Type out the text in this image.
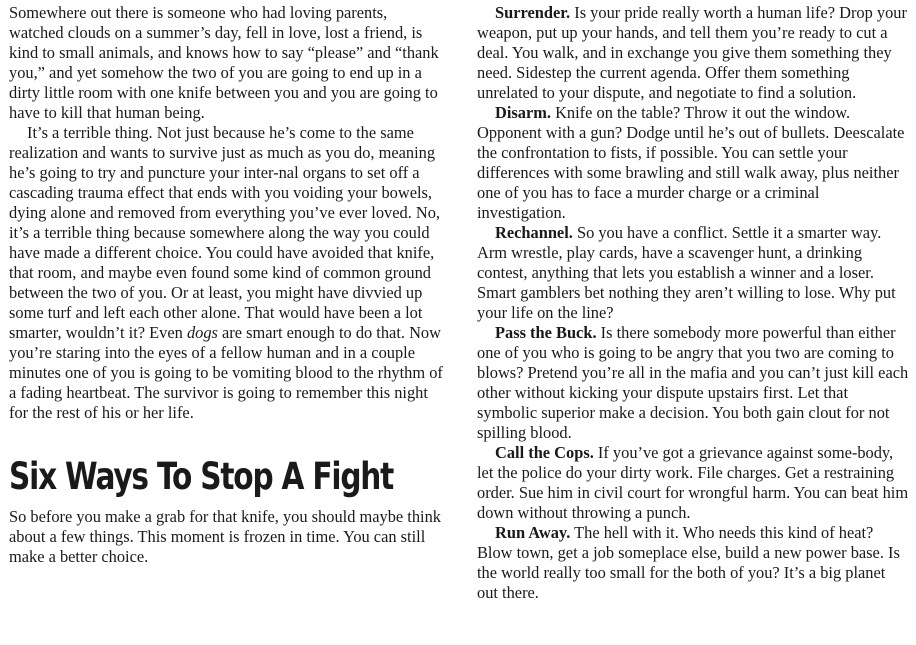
Somewhere out there is someone who had loving parents, watched clouds on a summer’s day, fell in love, lost a friend, is kind to small animals, and knows how to say “please” and “thank you,” and yet somehow the two of you are going to end up in a dirty little room with one knife between you and you are going to have to kill that human being.

It’s a terrible thing. Not just because he’s come to the same realization and wants to survive just as much as you do, meaning he’s going to try and puncture your inter-nal organs to set off a cascading trauma effect that ends with you voiding your bowels, dying alone and removed from everything you’ve ever loved. No, it’s a terrible thing because somewhere along the way you could have made a different choice. You could have avoided that knife, that room, and maybe even found some kind of common ground between the two of you. Or at least, you might have divvied up some turf and left each other alone. That would have been a lot smarter, wouldn’t it? Even dogs are smart enough to do that. Now you’re staring into the eyes of a fellow human and in a couple minutes one of you is going to be vomiting blood to the rhythm of a fading heartbeat. The survivor is going to remember this night for the rest of his or her life.

Six Ways To Stop A Fight

So before you make a grab for that knife, you should maybe think about a few things. This moment is frozen in time. You can still make a better choice.

Surrender. Is your pride really worth a human life? Drop your weapon, put up your hands, and tell them you’re ready to cut a deal. You walk, and in exchange you give them something they need. Sidestep the current agenda. Offer them something unrelated to your dispute, and negotiate to find a solution.

Disarm. Knife on the table? Throw it out the window. Opponent with a gun? Dodge until he’s out of bullets. Deescalate the confrontation to fists, if possible. You can settle your differences with some brawling and still walk away, plus neither one of you has to face a murder charge or a criminal investigation.

Rechannel. So you have a conflict. Settle it a smarter way. Arm wrestle, play cards, have a scavenger hunt, a drinking contest, anything that lets you establish a winner and a loser. Smart gamblers bet nothing they aren’t willing to lose. Why put your life on the line?

Pass the Buck. Is there somebody more powerful than either one of you who is going to be angry that you two are coming to blows? Pretend you’re all in the mafia and you can’t just kill each other without kicking your dispute upstairs first. Let that symbolic superior make a decision. You both gain clout for not spilling blood.

Call the Cops. If you’ve got a grievance against some-body, let the police do your dirty work. File charges. Get a restraining order. Sue him in civil court for wrongful harm. You can beat him down without throwing a punch.

Run Away. The hell with it. Who needs this kind of heat? Blow town, get a job someplace else, build a new power base. Is the world really too small for the both of you? It’s a big planet out there.
